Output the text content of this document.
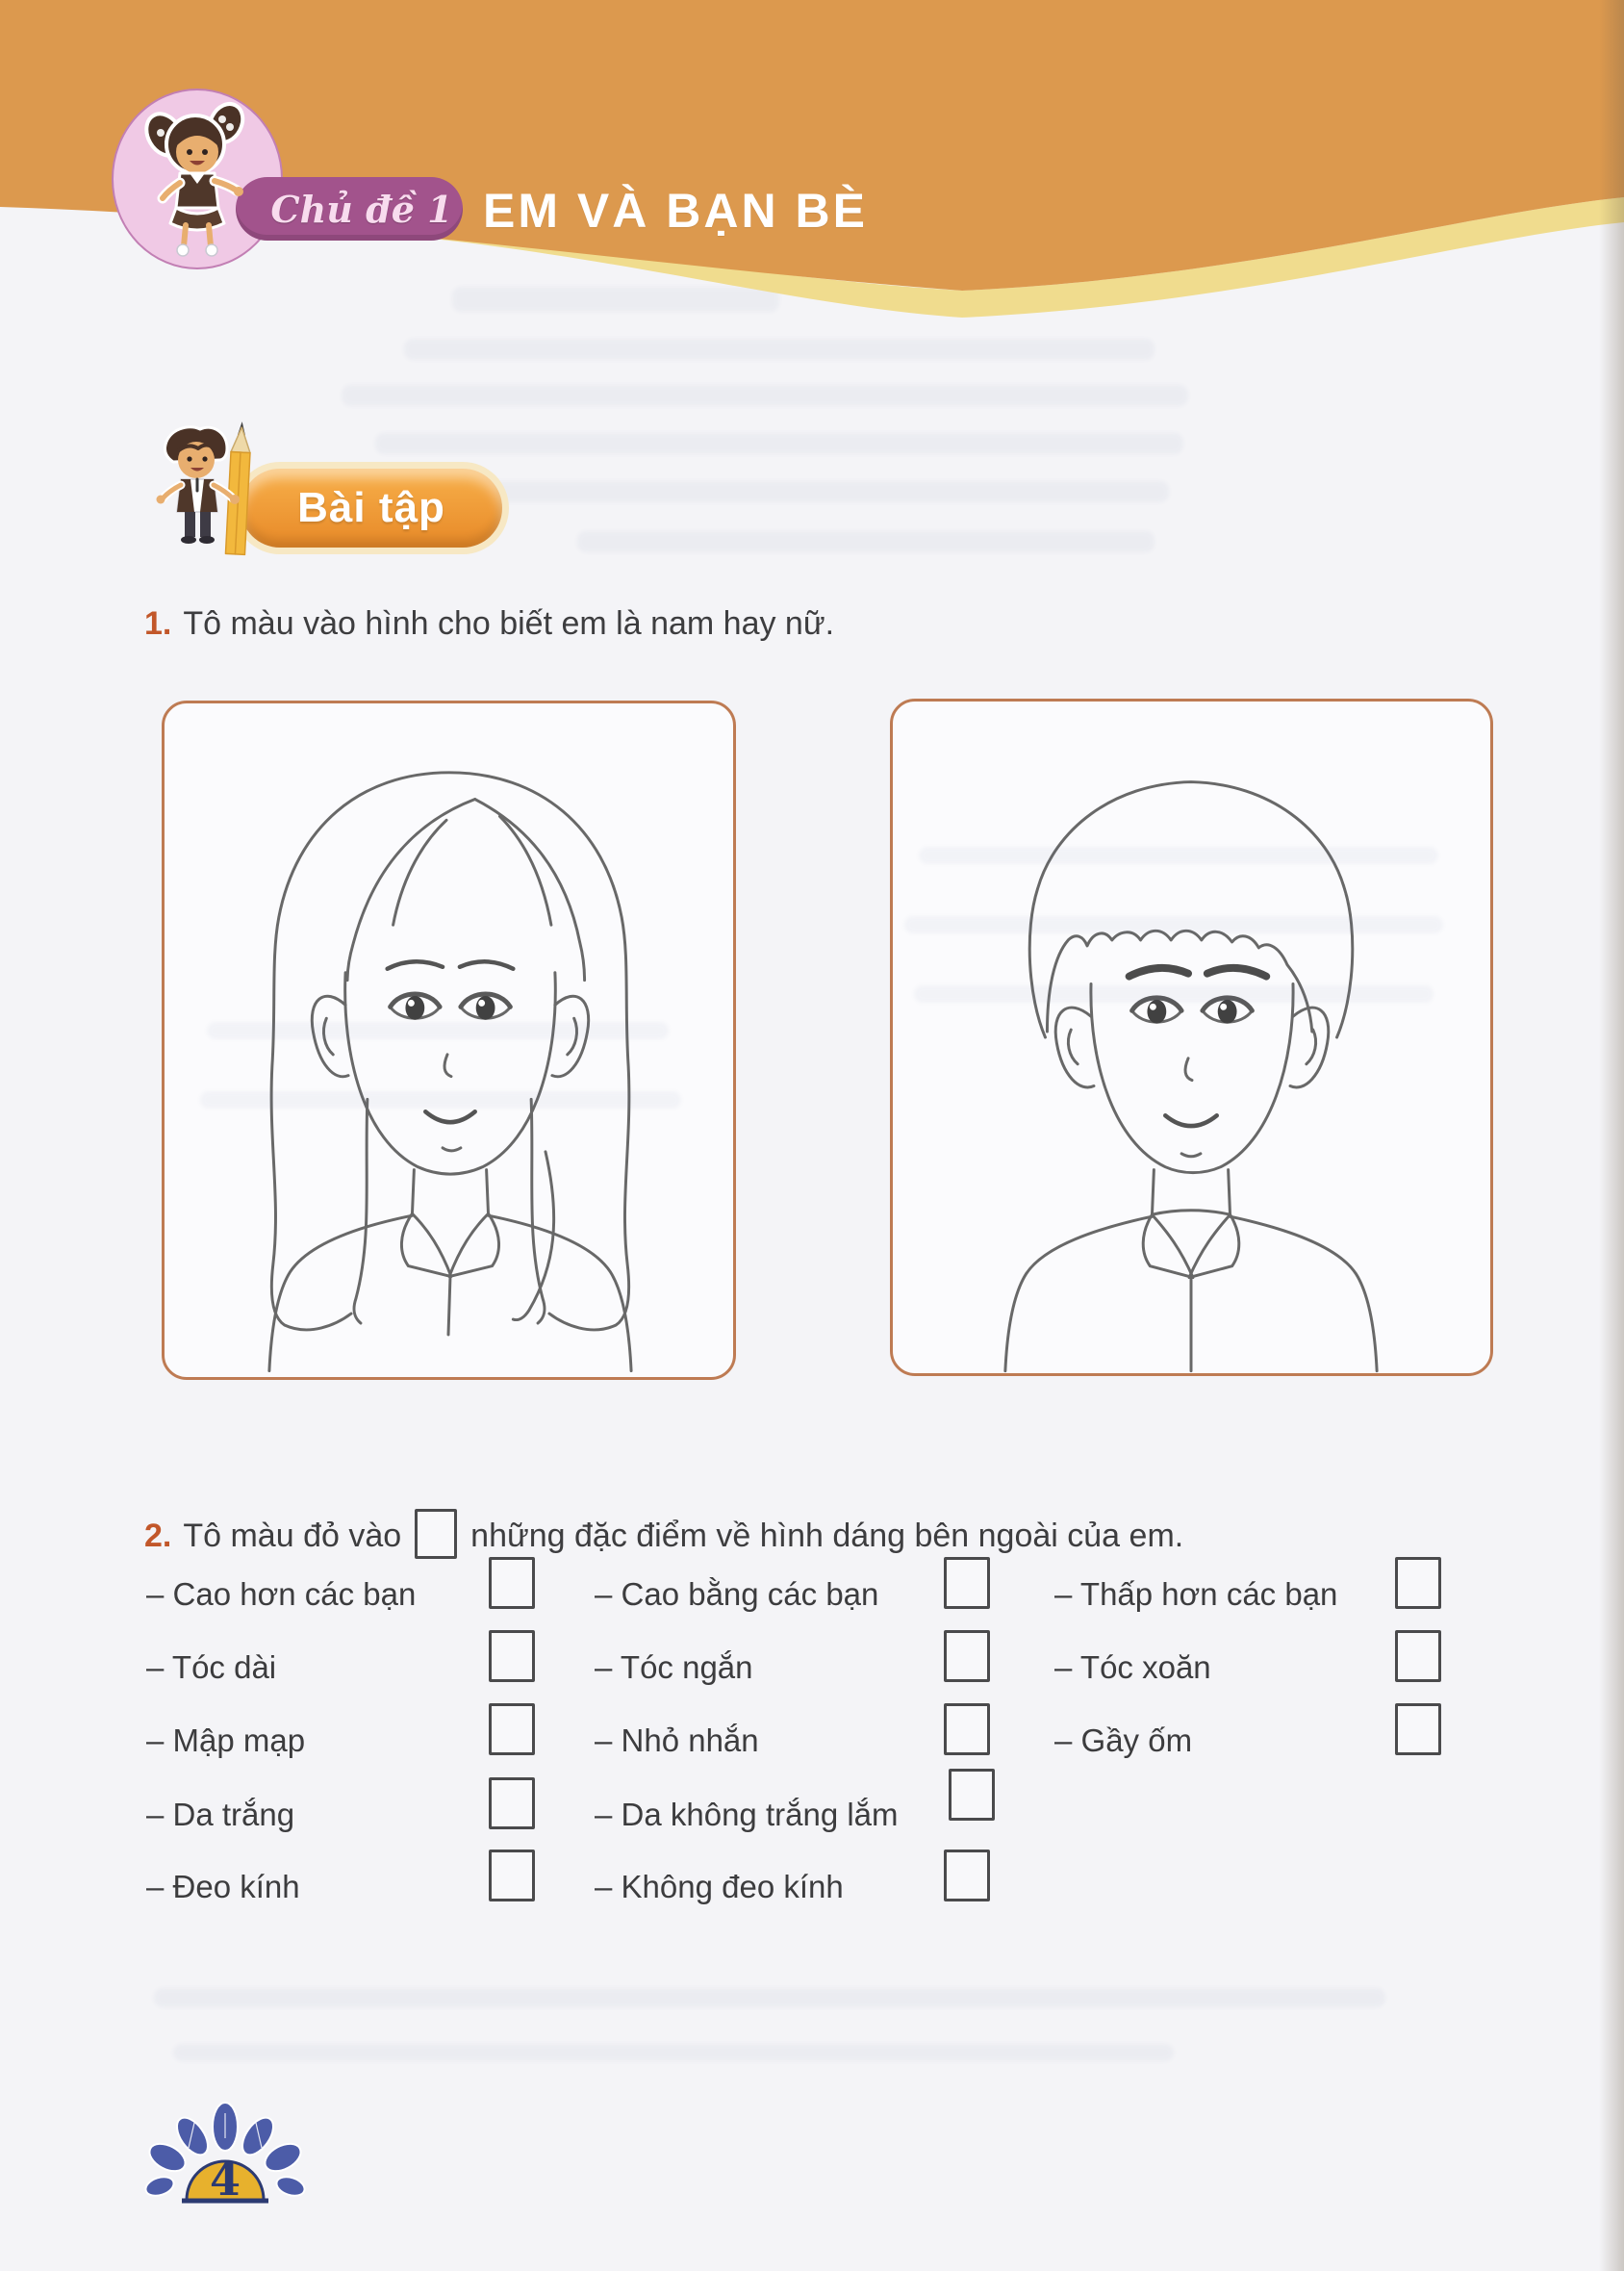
Chủ đề 1 EM VÀ BẠN BÈ
Bài tập
1. Tô màu vào hình cho biết em là nam hay nữ.
2. Tô màu đỏ vào những đặc điểm về hình dáng bên ngoài của em.
– Cao hơn các bạn	– Cao bằng các bạn	– Thấp hơn các bạn
– Tóc dài	– Tóc ngắn	– Tóc xoăn
– Mập mạp	– Nhỏ nhắn	– Gầy ốm
– Da trắng	– Da không trắng lắm
– Đeo kính	– Không đeo kính
4
